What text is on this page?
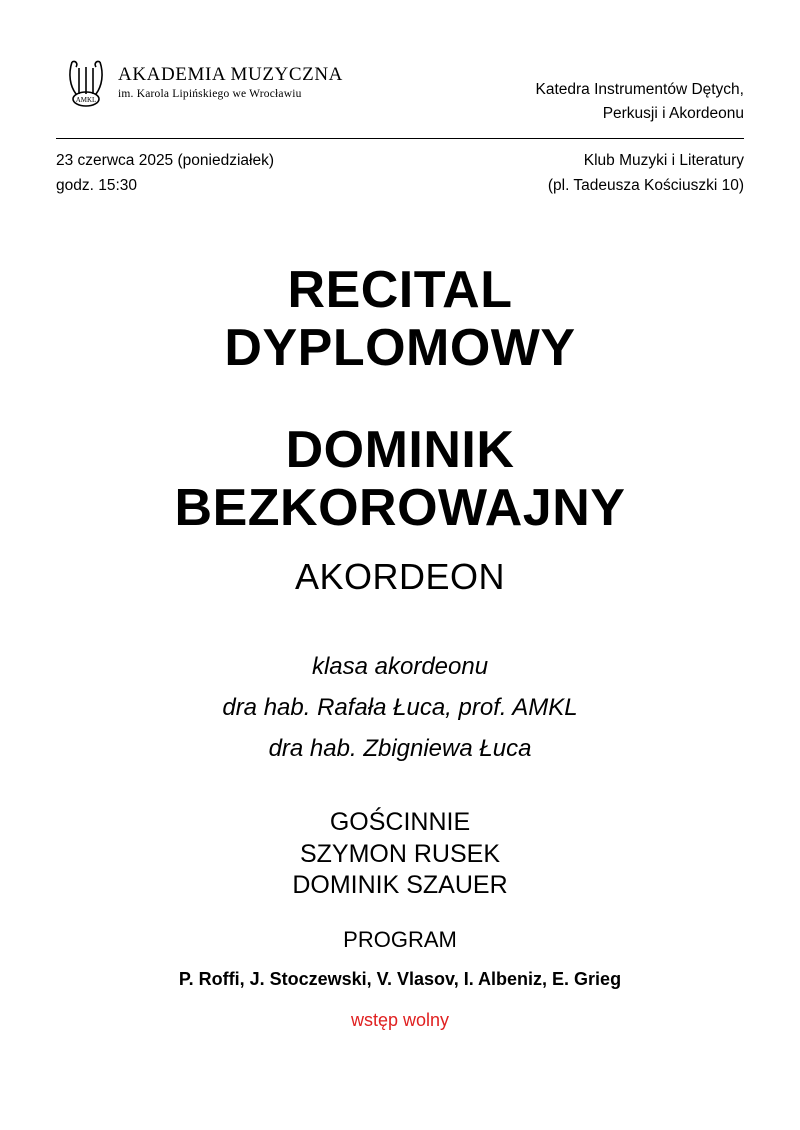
AMKL
AKADEMIA MUZYCZNA
im. Karola Lipińskiego we Wrocławiu	Katedra Instrumentów Dętych,
Perkusji i Akordeonu
23 czerwca 2025 (poniedziałek)
godz. 15:30
Klub Muzyki i Literatury
(pl. Tadeusza Kościuszki 10)
RECITAL
DYPLOMOWY
DOMINIK
BEZKOROWAJNY
AKORDEON
klasa akordeonu
dra hab. Rafała Łuca, prof. AMKL
dra hab. Zbigniewa Łuca
GOŚCINNIE
SZYMON RUSEK
DOMINIK SZAUER
PROGRAM
P. Roffi, J. Stoczewski, V. Vlasov, I. Albeniz, E. Grieg
wstęp wolny
